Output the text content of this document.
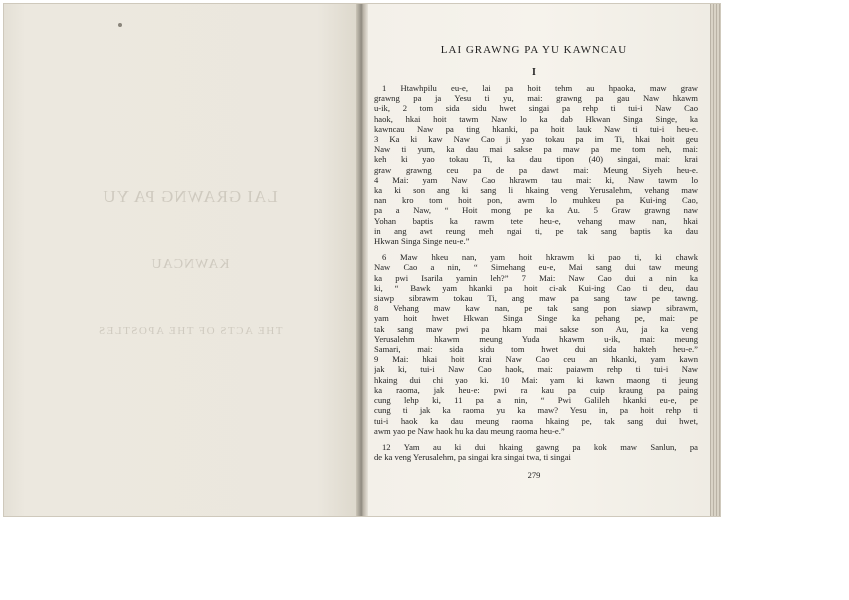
LAI GRAWNG PA YU
KAWNCAU
THE ACTS OF THE APOSTLES
LAI GRAWNG PA YU KAWNCAU
I
1 Htawhpilu eu-e, lai pa hoit tehm au hpaoka, maw graw
grawng pa ja Yesu ti yu, mai: grawng pa gau Naw hkawm
u-ik, 2 tom sida sidu hwet singai pa rehp ti tui-i Naw Cao
haok, hkai hoit tawm Naw lo ka dab Hkwan Singa Singe, ka
kawncau Naw pa ting hkanki, pa hoit lauk Naw ti tui-i heu-e.
3 Ka ki kaw Naw Cao ji yao tokau pa im Ti, hkai hoit geu
Naw ti yum, ka dau mai sakse pa maw pa me tom neh, mai:
keh ki yao tokau Ti, ka dau tipon (40) singai, mai: krai
graw grawng ceu pa de pa dawt mai: Meung Siyeh heu-e.
4 Mai: yam Naw Cao hkrawm tau mai: ki, Naw tawm lo
ka ki son ang ki sang li hkaing veng Yerusalehm, vehang maw
nan kro tom hoit pon, awm lo muhkeu pa Kui-ing Cao,
pa a Naw, “ Hoit mong pe ka Au. 5 Graw grawng naw
Yohan baptis ka rawm tete heu-e, vehang maw nan, hkai
in ang awt reung meh ngai ti, pe tak sang baptis ka dau
Hkwan Singa Singe neu-e.”
6 Maw hkeu nan, yam hoit hkrawm ki pao ti, ki chawk
Naw Cao a nin, “ Simehang eu-e, Mai sang dui taw meung
ka pwi Isarila yamin leh?” 7 Mai: Naw Cao dui a nin ka
ki, “ Bawk yam hkanki pa hoit ci-ak Kui-ing Cao ti deu, dau
siawp sibrawm tokau Ti, ang maw pa sang taw pe tawng.
8 Vehang maw kaw nan, pe tak sang pon siawp sibrawm,
yam hoit hwet Hkwan Singa Singe ka pehang pe, mai: pe
tak sang maw pwi pa hkam mai sakse son Au, ja ka veng
Yerusalehm hkawm meung Yuda hkawm u-ik, mai: meung
Samari, mai: sida sidu tom hwet dui sida hakteh heu-e.”
9 Mai: hkai hoit krai Naw Cao ceu an hkanki, yam kawn
jak ki, tui-i Naw Cao haok, mai: paiawm rehp ti tui-i Naw
hkaing dui chi yao ki. 10 Mai: yam ki kawn maong ti jeung
ka raoma, jak heu-e: pwi ra kau pa cuip kraung pa paing
cung lehp ki, 11 pa a nin, “ Pwi Galileh hkanki eu-e, pe
cung ti jak ka raoma yu ka maw? Yesu in, pa hoit rehp ti
tui-i haok ka dau meung raoma hkaing pe, tak sang dui hwet,
awm yao pe Naw haok hu ka dau meung raoma heu-e.”
12 Yam au ki dui hkaing gawng pa kok maw Sanlun, pa
de ka veng Yerusalehm, pa singai kra singai twa, ti singai
279
